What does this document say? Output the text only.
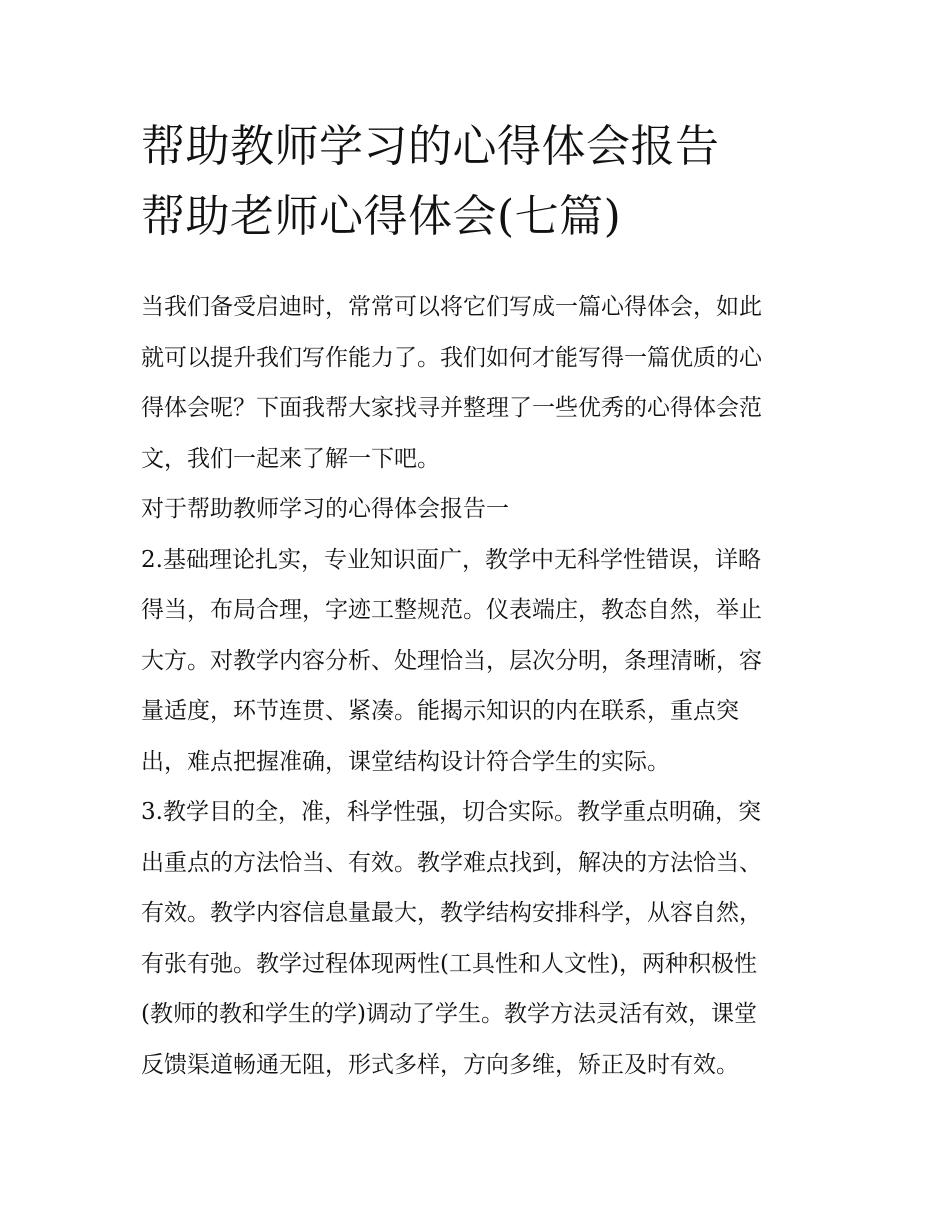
帮助教师学习的心得体会报告
帮助老师心得体会(七篇)

当我们备受启迪时，常常可以将它们写成一篇心得体会，如此
就可以提升我们写作能力了。我们如何才能写得一篇优质的心
得体会呢？下面我帮大家找寻并整理了一些优秀的心得体会范
文，我们一起来了解一下吧。

对于帮助教师学习的心得体会报告一

2.基础理论扎实，专业知识面广，教学中无科学性错误，详略
得当，布局合理，字迹工整规范。仪表端庄，教态自然，举止
大方。对教学内容分析、处理恰当，层次分明，条理清晰，容
量适度，环节连贯、紧凑。能揭示知识的内在联系，重点突
出，难点把握准确，课堂结构设计符合学生的实际。

3.教学目的全，准，科学性强，切合实际。教学重点明确，突
出重点的方法恰当、有效。教学难点找到，解决的方法恰当、
有效。教学内容信息量最大，教学结构安排科学，从容自然，
有张有弛。教学过程体现两性(工具性和人文性)，两种积极性
(教师的教和学生的学)调动了学生。教学方法灵活有效，课堂
反馈渠道畅通无阻，形式多样，方向多维，矫正及时有效。
